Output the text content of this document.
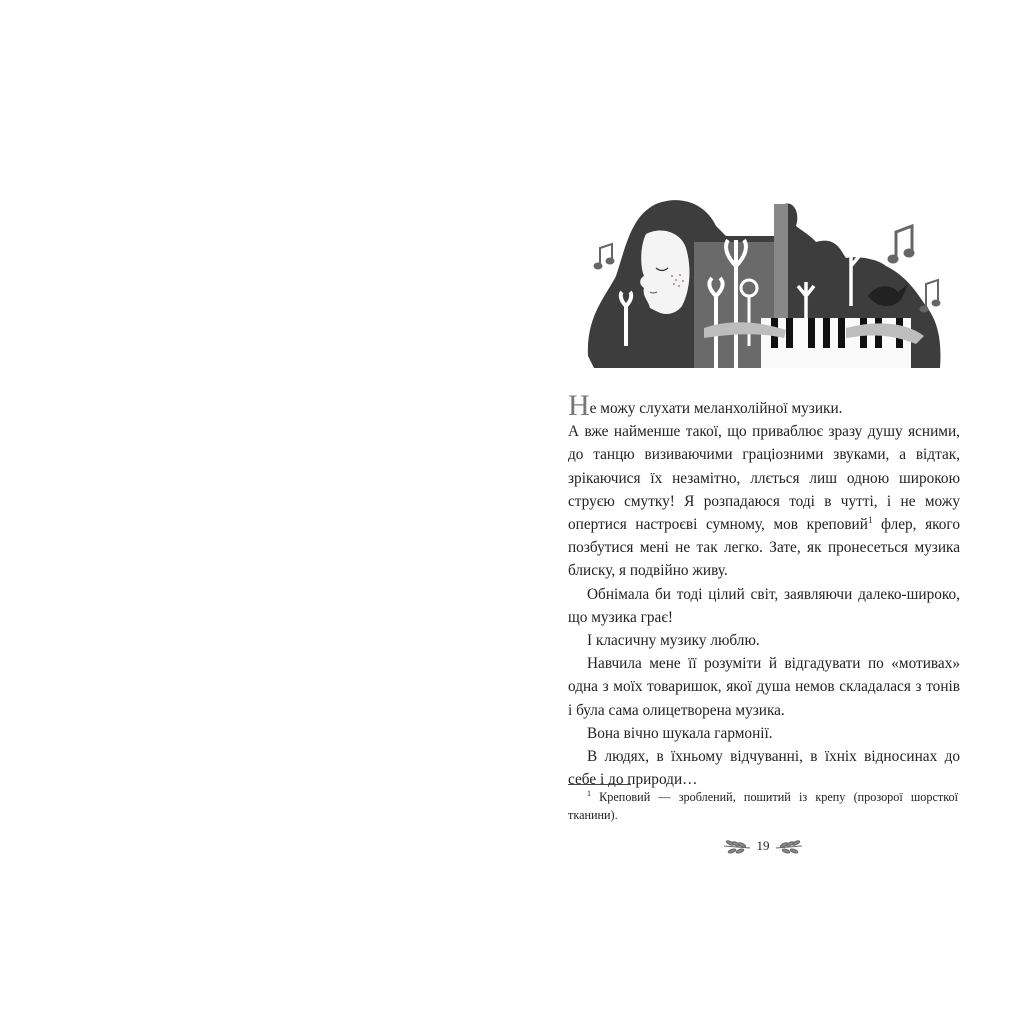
Не можу слухати меланхолійної музики.

А вже найменше такої, що приваблює зразу душу ясними, до танцю визиваючими граціозними звуками, а відтак, зрікаючися їх незамітно, ллється лиш одною широкою струєю смутку! Я розпадаюся тоді в чутті, і не можу опертися настроєві сумному, мов креповий$^1$ флер, якого позбутися мені не так легко. Зате, як пронесеться музика блиску, я подвійно живу.

Обнімала би тоді цілий світ, заявляючи далеко-широко, що музика грає!

І класичну музику люблю.

Навчила мене її розуміти й відгадувати по «мотивах» одна з моїх товаришок, якої душа немов складалася з тонів і була сама олицетворена музика.

Вона вічно шукала гармонії.

В людях, в їхньому відчуванні, в їхніх відносинах до себе і до природи…

$^1$ Креповий — зроблений, пошитий із крепу (прозорої шорсткої тканини).
19
